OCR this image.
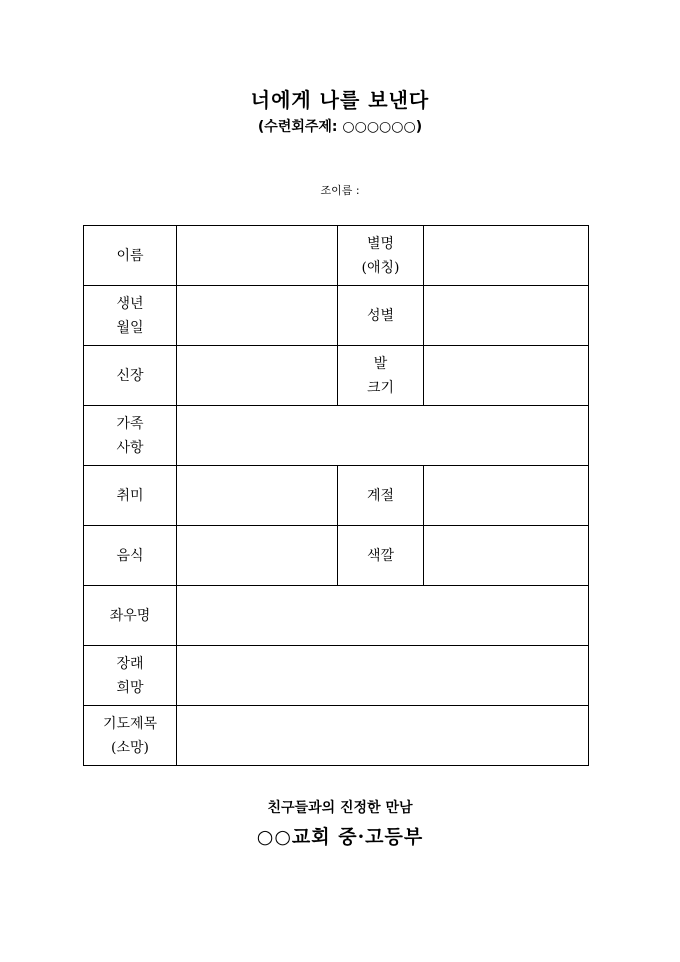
너에게 나를 보낸다
(수련회주제: ○○○○○○)
조이름 :
이름		별명
(애칭)	

생년
월일		성별	
신장		발
크기	

가족
사항			

취미		계절	
음식		색깔	
좌우명			

장래
희망			

기도제목
(소망)			

친구들과의 진정한 만남
○○교회 중·고등부
